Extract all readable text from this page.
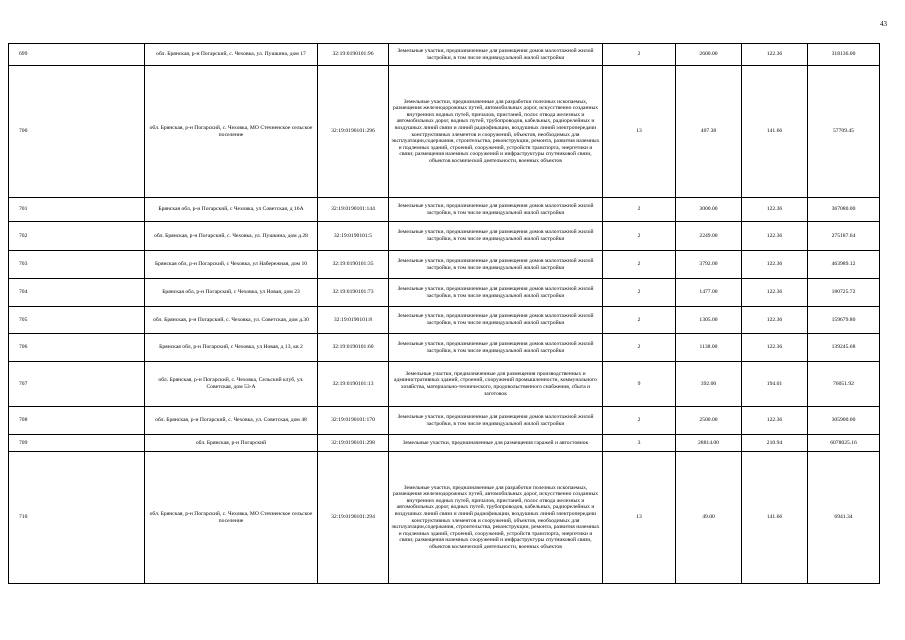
43
699	обл. Брянская, р-н Погарский, с. Чеховка, ул. Пушкина, дом 17	32:19:0190101:96	Земельные участки, предназначенные для размещения домов малоэтажной жилой застройки, в том числе индивидуальной жилой застройки	2	2600.00	122.36	318136.00
700	обл. Брянская, р-н Погарский, с. Чеховка, МО Стечненское сельское поселение	32:19:0190101:296	Земельные участки, предназначенные для разработки полезных ископаемых, размещения железнодорожных путей, автомобильных дорог, искусственно созданных внутренних водных путей, причалов, пристаней, полос отвода железных и автомобильных дорог, водных путей, трубопроводов, кабельных, радиорелейных и воздушных линий связи и линий радиофикации, воздушных линий электропередачи конструктивных элементов и сооружений, объектов, необходимых для эксплуатации,содержания, строительства, реконструкции, ремонта, развития наземных и подземных зданий, строений, сооружений, устройств транспорта, энергетики и связи; размещения наземных сооружений и инфраструктуры спутниковой связи, объектов космической деятельности, военных объектов	13	407.38	141.66	57709.45
701	Брянская обл, р-н Погарский, с Чеховка, ул Советская, д 16А	32:19:0190101:144	Земельные участки, предназначенные для размещения домов малоэтажной жилой застройки, в том числе индивидуальной жилой застройки	2	3000.00	122.36	367080.00
702	обл. Брянская, р-н Погарский, с. Чеховка, ул. Пушкина, дом д.28	32:19:0190101:5	Земельные участки, предназначенные для размещения домов малоэтажной жилой застройки, в том числе индивидуальной жилой застройки	2	2249.00	122.36	275187.64
703	Брянская обл, р-н Погарский, с Чеховка, ул Набережная, дом 10	32:19:0190101:35	Земельные участки, предназначенные для размещения домов малоэтажной жилой застройки, в том числе индивидуальной жилой застройки	2	3792.00	122.36	463989.12
704	Брянская обл, р-н Погарский, с Чеховка, ул Новая, дом 23	32:19:0190101:73	Земельные участки, предназначенные для размещения домов малоэтажной жилой застройки, в том числе индивидуальной жилой застройки	2	1477.00	122.36	180725.72
705	обл. Брянская, р-н Погарский, с. Чеховка, ул. Советская, дом д.30	32:19:0190101:8	Земельные участки, предназначенные для размещения домов малоэтажной жилой застройки, в том числе индивидуальной жилой застройки	2	1305.00	122.36	159679.80
706	Брянская обл, р-н Погарский, с Чеховка, ул Новая, д 13, кв 2	32:19:0190101:60	Земельные участки, предназначенные для размещения домов малоэтажной жилой застройки, в том числе индивидуальной жилой застройки	2	1138.00	122.36	139245.68
707	обл. Брянская, р-н Погарский, с. Чеховка, Сельский клуб, ул. Советская, дом 53-А	32:19:0190101:13	Земельные участки, предназначенные для размещения производственных и административных зданий, строений, сооружений промышленности, коммунального хозяйства, материально-технического, продовольственного снабжения, сбыта и заготовок	9	392.00	194.01	76051.92
708	обл. Брянская, р-н Погарский, с. Чеховка, ул. Советская, дом 48	32:19:0190101:170	Земельные участки, предназначенные для размещения домов малоэтажной жилой застройки, в том числе индивидуальной жилой застройки	2	2500.00	122.36	305900.00
709	обл. Брянская, р-н Погарский	32:19:0190101:298	Земельные участки, предназначенные для размещения гаражей и автостоянок	3	28814.00	210.94	6078025.16
710	обл. Брянская, р-н Погарский, с. Чеховка, МО Стечненское сельское поселение	32:19:0190101:294	Земельные участки, предназначенные для разработки полезных ископаемых, размещения железнодорожных путей, автомобильных дорог, искусственно созданных внутренних водных путей, причалов, пристаней, полос отвода железных и автомобильных дорог, водных путей, трубопроводов, кабельных, радиорелейных и воздушных линий связи и линий радиофикации, воздушных линий электропередачи конструктивных элементов и сооружений, объектов, необходимых для эксплуатации,содержания, строительства, реконструкции, ремонта, развития наземных и подземных зданий, строений, сооружений, устройств транспорта, энергетики и связи; размещения наземных сооружений и инфраструктуры спутниковой связи, объектов космической деятельности, военных объектов	13	49.00	141.66	6941.34
